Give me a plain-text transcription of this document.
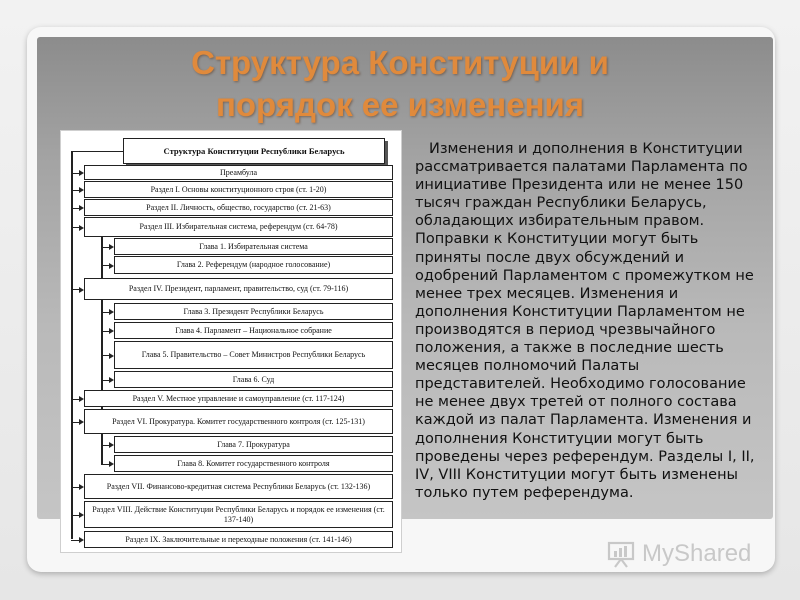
Структура Конституции и
порядок ее изменения
Структура Конституции Республики Беларусь
Преамбула
Раздел I. Основы конституционного строя (ст. 1-20)
Раздел II. Личность, общество, государство (ст. 21-63)
Раздел III. Избирательная система, референдум (ст. 64-78)
Глава 1. Избирательная система
Глава 2. Референдум (народное голосование)
Раздел IV. Президент, парламент, правительство, суд (ст. 79-116)
Глава 3. Президент Республики Беларусь
Глава 4. Парламент – Национальное собрание
Глава 5. Правительство – Совет Министров Республики Беларусь
Глава 6. Суд
Раздел V. Местное управление и самоуправление (ст. 117-124)
Раздел VI. Прокуратура. Комитет государственного контроля (ст. 125-131)
Глава 7. Прокуратура
Глава 8. Комитет государственного контроля
Раздел VII. Финансово-кредитная система Республики Беларусь (ст. 132-136)
Раздел VIII. Действие Конституции Республики Беларусь и порядок ее изменения (ст. 137-140)
Раздел IX. Заключительные и переходные положения (ст. 141-146)
Изменения и дополнения в Конституции рассматривается палатами Парламента по инициативе Президента или не менее 150 тысяч граждан Республики Беларусь, обладающих избирательным правом. Поправки к Конституции могут быть приняты после двух обсуждений и одобрений Парламентом с промежутком не менее трех месяцев. Изменения и дополнения Конституции Парламентом не производятся в период чрезвычайного положения, а также в последние шесть месяцев полномочий Палаты представителей. Необходимо голосование не менее двух третей от полного состава каждой из палат Парламента. Изменения и дополнения Конституции могут быть проведены через референдум. Разделы I, II, IV, VIII Конституции могут быть изменены только путем референдума.
MyShared
